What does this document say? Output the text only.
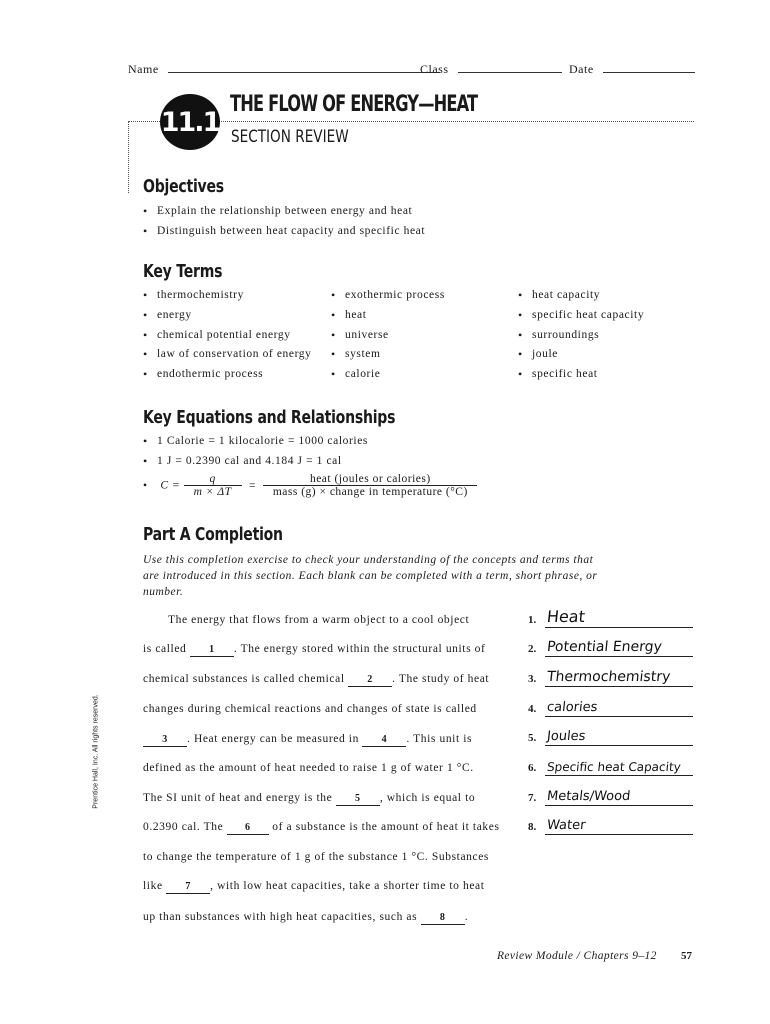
Name	Class	Date
11.1
THE FLOW OF ENERGY—HEAT
SECTION REVIEW
Objectives
• Explain the relationship between energy and heat
• Distinguish between heat capacity and specific heat
Key Terms
• thermochemistry
• energy
• chemical potential energy
• law of conservation of energy
• endothermic process
• exothermic process
• heat
• universe
• system
• calorie
• heat capacity
• specific heat capacity
• surroundings
• joule
• specific heat
Key Equations and Relationships
• 1 Calorie = 1 kilocalorie = 1000 calories
• 1 J = 0.2390 cal and 4.184 J = 1 cal
• $C = \frac{q}{m \times \Delta T} = \frac{\text{heat (joules or calories)}}{\text{mass (g) × change in temperature (°C)}}$
Part A Completion
Use this completion exercise to check your understanding of the concepts and terms that are introduced in this section. Each blank can be completed with a term, short phrase, or number.
The energy that flows from a warm object to a cool object
is called 1 . The energy stored within the structural units of
chemical substances is called chemical 2 . The study of heat
changes during chemical reactions and changes of state is called
3 . Heat energy can be measured in 4 . This unit is
defined as the amount of heat needed to raise 1 g of water 1 °C.
The SI unit of heat and energy is the 5 , which is equal to
0.2390 cal. The 6 of a substance is the amount of heat it takes
to change the temperature of 1 g of the substance 1 °C. Substances
like 7 , with low heat capacities, take a shorter time to heat
up than substances with high heat capacities, such as 8 .
1. Heat
2. Potential Energy
3. Thermochemistry
4. calories
5. Joules
6. Specific heat Capacity
7. Metals/Wood
8. Water
Prentice Hall, Inc. All rights reserved.
Review Module / Chapters 9–12 57
